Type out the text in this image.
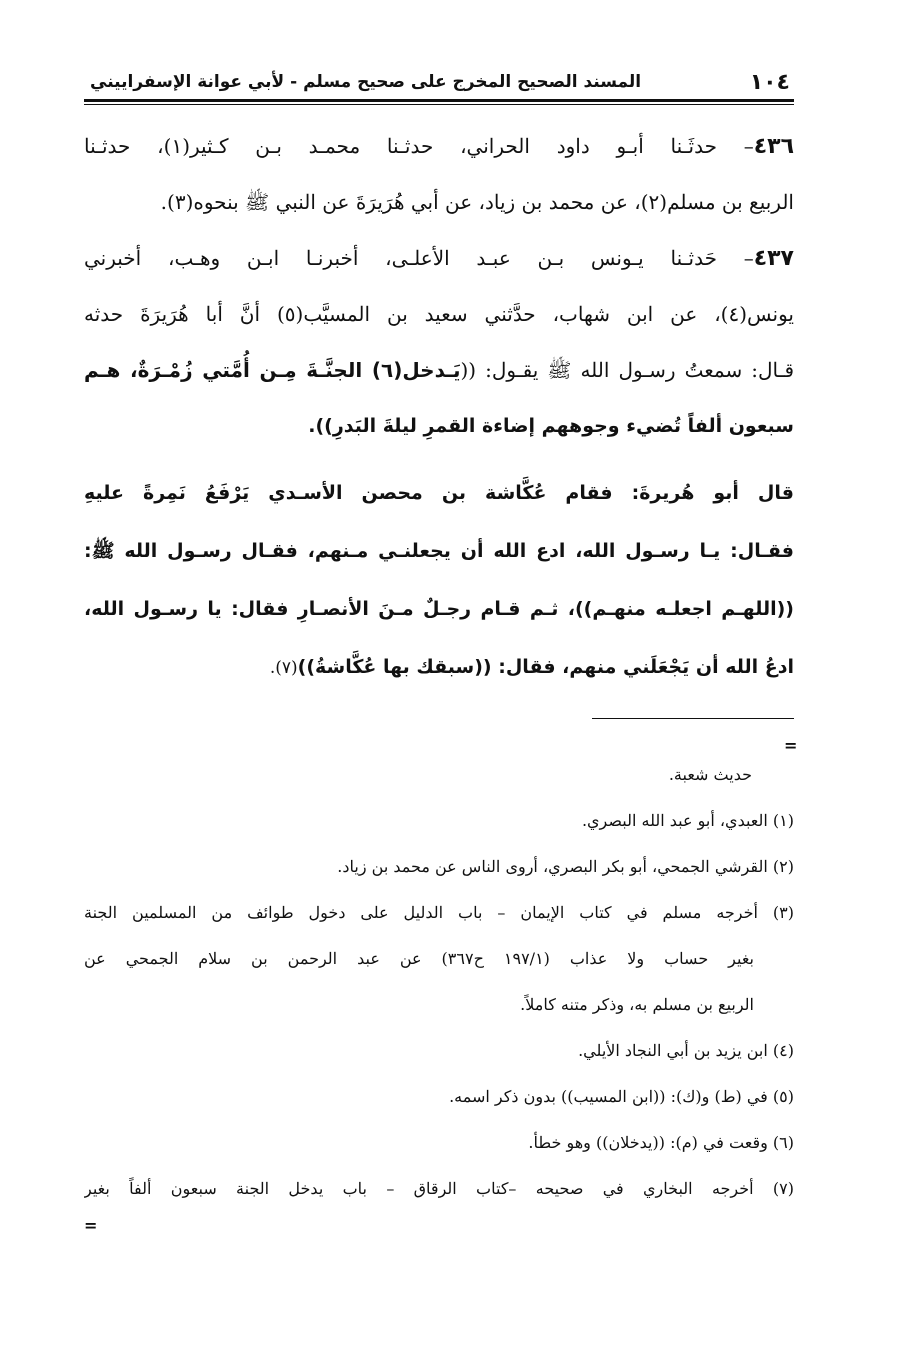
١٠٤
المسند الصحيح المخرج على صحيح مسلم - لأبي عوانة الإسفراييني
٤٣٦– حدثَـنا أبـو داود الحراني، حدثـنا محمـد بـن كـثير(١)، حدثـنا
الربيع بن مسلم(٢)، عن محمد بن زياد، عن أبي هُرَيرَةَ عن النبي ﷺ بنحوه(٣).
٤٣٧– حَدثـنا يـونس بـن عبـد الأعلـى، أخبرنـا ابـن وهـب، أخبرني
يونس(٤)، عن ابن شهاب، حدَّثني سعيد بن المسيَّب(٥) أنَّ أبا هُرَيرَةَ حدثه
قـال: سمعتُ رسـول الله ﷺ يقـول: ((يَـدخل(٦) الجنَّـةَ مِـن أُمَّتي زُمْـرَةٌ، هـم
سبعون ألفاً تُضيء وجوههم إضاءة القمرِ ليلةَ البَدرِ)).
قال أبو هُريرةَ: فقام عُكَّاشة بن محصن الأسـدي يَرْفَعُ نَمِرةً عليهِ
فقـال: يـا رسـول الله، ادع الله أن يجعلنـي مـنهم، فقـال رسـول الله ﷺ:
((اللهـم اجعلـه منهـم))، ثـم قـام رجـلٌ مـنَ الأنصـارِ فقال: يا رسـول الله،
ادعُ الله أن يَجْعَلَني منهم، فقال: ((سبقك بها عُكَّاشةُ))(٧).
=
حديث شعبة.
(١) العبدي، أبو عبد الله البصري.
(٢) القرشي الجمحي، أبو بكر البصري، أروى الناس عن محمد بن زياد.
(٣) أخرجه مسلم في كتاب الإيمان – باب الدليل على دخول طوائف من المسلمين الجنة
بغير حساب ولا عذاب (١٩٧/١ ح٣٦٧) عن عبد الرحمن بن سلام الجمحي عن
الربيع بن مسلم به، وذكر متنه كاملاً.
(٤) ابن يزيد بن أبي النجاد الأيلي.
(٥) في (ط) و(ك): ((ابن المسيب)) بدون ذكر اسمه.
(٦) وقعت في (م): ((يدخلان)) وهو خطأ.
(٧) أخرجه البخاري في صحيحه –كتاب الرقاق – باب يدخل الجنة سبعون ألفاً بغير
=
